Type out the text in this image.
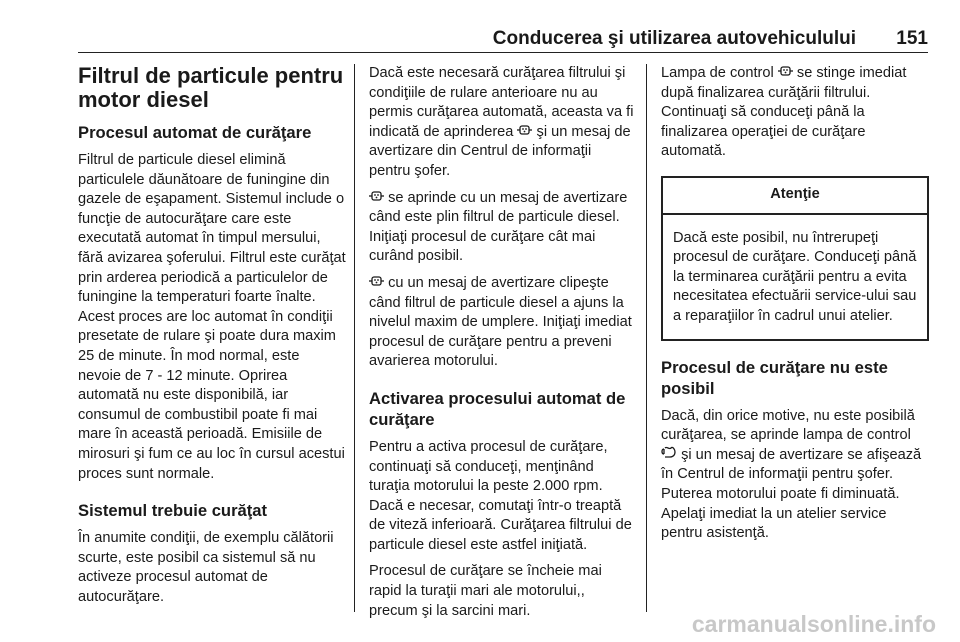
Conducerea şi utilizarea autovehiculului 151
Filtrul de particule pentru
motor diesel
Procesul automat de curăţare

Filtrul de particule diesel elimină particulele dăunătoare de funingine din gazele de eşapament. Sistemul include o funcţie de autocurăţare care este executată automat în timpul mersului, fără avizarea şoferului. Filtrul este curăţat prin arderea periodică a particulelor de funingine la temperaturi foarte înalte. Acest proces are loc automat în condiţii presetate de rulare şi poate dura maxim 25 de minute. În mod normal, este nevoie de 7 - 12 minute. Oprirea automată nu este disponibilă, iar consumul de combustibil poate fi mai mare în această perioadă. Emisiile de mirosuri şi fum ce au loc în cursul acestui proces sunt normale.

Sistemul trebuie curăţat

În anumite condiţii, de exemplu călătorii scurte, este posibil ca sistemul să nu activeze procesul automat de autocurăţare.

Dacă este necesară curăţarea filtrului şi condiţiile de rulare anterioare nu au permis curăţarea automată, aceasta va fi indicată de aprinderea şi un mesaj de avertizare din Centrul de informaţii pentru şofer.

se aprinde cu un mesaj de avertizare când este plin filtrul de particule diesel. Iniţiaţi procesul de curăţare cât mai curând posibil.

cu un mesaj de avertizare clipeşte când filtrul de particule diesel a ajuns la nivelul maxim de umplere. Iniţiaţi imediat procesul de curăţare pentru a preveni avarierea motorului.

Activarea procesului automat de curăţare

Pentru a activa procesul de curăţare, continuaţi să conduceţi, menţinând turaţia motorului la peste 2.000 rpm. Dacă e necesar, comutaţi într-o treaptă de viteză inferioară. Curăţarea filtrului de particule diesel este astfel iniţiată.

Procesul de curăţare se încheie mai rapid la turaţii mari ale motorului,, precum şi la sarcini mari.

Lampa de control se stinge imediat după finalizarea curăţării filtrului. Continuaţi să conduceţi până la finalizarea operaţiei de curăţare automată.

Atenţie
Dacă este posibil, nu întrerupeţi procesul de curăţare. Conduceţi până la terminarea curăţării pentru a evita necesitatea efectuării service-ului sau a reparaţiilor în cadrul unui atelier.
Procesul de curăţare nu este posibil

Dacă, din orice motive, nu este posibilă curăţarea, se aprinde lampa de control  şi un mesaj de avertizare se afişează în Centrul de informaţii pentru şofer. Puterea motorului poate fi diminuată. Apelaţi imediat la un atelier service pentru asistenţă.

carmanualsonline.info
